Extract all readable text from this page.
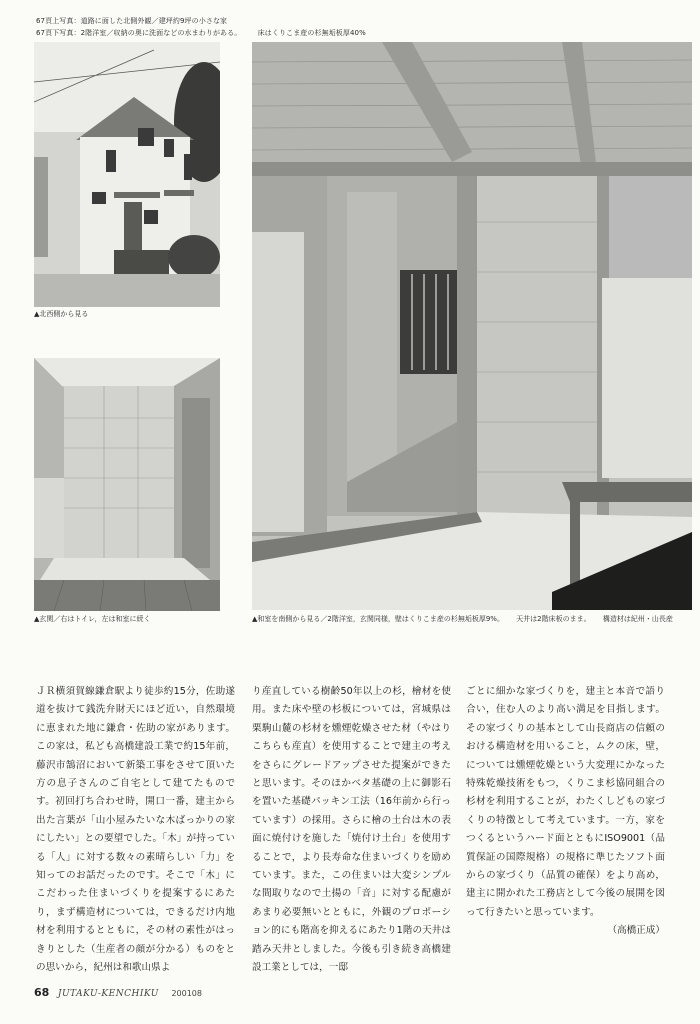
67頁上写真：道路に面した北側外観／建坪約9坪の小さな家
67頁下写真：2階洋室／収納の奥に洗面などの水まわりがある。 床はくりこま産の杉無垢板厚40%
▲北西側から見る
▲玄関／右はトイレ，左は和室に続く	▲和室を南側から見る／2階洋室，玄関同様，壁はくりこま産の杉無垢板厚9%。 天井は2階床板のまま。 構造材は紀州・山長産

ＪＲ横須賀線鎌倉駅より徒歩約15分，佐助遂道を抜けて銭洗弁財天にほど近い，自然環境に恵まれた地に鎌倉・佐助の家があります。この家は，私ども高橋建設工業で約15年前，藤沢市鵠沼において新築工事をさせて頂いた方の息子さんのご自宅として建てたものです。初回打ち合わせ時，開口一番，建主から出た言葉が「山小屋みたいな木ばっかりの家にしたい」との要望でした。「木」が持っている「人」に対する数々の素晴らしい「力」を知ってのお話だったのです。そこで「木」にこだわった住まいづくりを提案するにあたり，まず構造材については，できるだけ内地材を利用するとともに，その材の素性がはっきりとした（生産者の顔が分かる）ものをとの思いから，紀州は和歌山県よ

り産直している樹齢50年以上の杉，檜材を使用。また床や壁の杉板については，宮城県は栗駒山麓の杉材を燻煙乾燥させた材（やはりこちらも産直）を使用することで建主の考えをさらにグレードアップさせた提案ができたと思います。そのほかベタ基礎の上に御影石を置いた基礎パッキン工法（16年前から行っています）の採用。さらに檜の土台は木の表面に焼付けを施した「焼付け土台」を使用することで，より長寿命な住まいづくりを励めています。また，この住まいは大変シンプルな間取りなので土揚の「音」に対する配慮があまり必要無いとともに，外観のプロポーション的にも階高を抑えるにあたり1階の天井は踏み天井としました。今後も引き続き高橋建設工業としては，一邸

ごとに細かな家づくりを，建主と本音で語り合い，住む人のより高い満足を目指します。その家づくりの基本として山長商店の信頼のおける構造材を用いること，ムクの床，壁，については燻煙乾燥という大変理にかなった特殊乾燥技術をもつ，くりこま杉協同組合の杉材を利用することが，わたくしどもの家づくりの特徴として考えています。一方，家をつくるというハード面とともにISO9001（品質保証の国際規格）の規格に準じたソフト面からの家づくり（品質の確保）をより高め，建主に開かれた工務店として今後の展開を図って行きたいと思っています。

（高橋正成）

68 JUTAKU-KENCHIKU 200108
